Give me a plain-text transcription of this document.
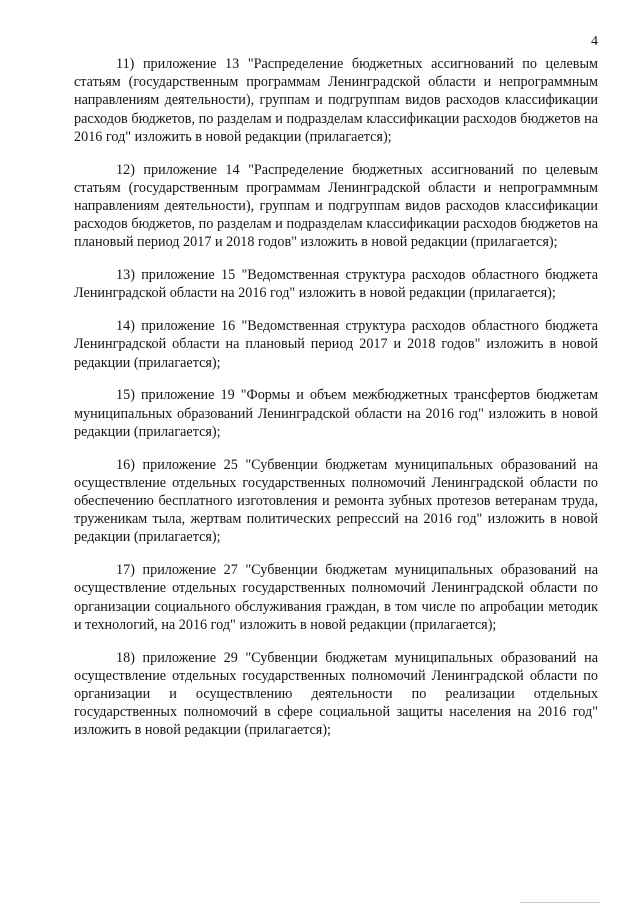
4

11) приложение 13 "Распределение бюджетных ассигнований по целевым статьям (государственным программам Ленинградской области и непрограммным направлениям деятельности), группам и подгруппам видов расходов классификации расходов бюджетов, по разделам и подразделам классификации расходов бюджетов на 2016 год" изложить в новой редакции (прилагается);

12) приложение 14 "Распределение бюджетных ассигнований по целевым статьям (государственным программам Ленинградской области и непрограммным направлениям деятельности), группам и подгруппам видов расходов классификации расходов бюджетов, по разделам и подразделам классификации расходов бюджетов на плановый период 2017 и 2018 годов" изложить в новой редакции (прилагается);

13) приложение 15 "Ведомственная структура расходов областного бюджета Ленинградской области на 2016 год" изложить в новой редакции (прилагается);

14) приложение 16 "Ведомственная структура расходов областного бюджета Ленинградской области на плановый период 2017 и 2018 годов" изложить в новой редакции (прилагается);

15) приложение 19 "Формы и объем межбюджетных трансфертов бюджетам муниципальных образований Ленинградской области на 2016 год" изложить в новой редакции (прилагается);

16) приложение 25 "Субвенции бюджетам муниципальных образований на осуществление отдельных государственных полномочий Ленинградской области по обеспечению бесплатного изготовления и ремонта зубных протезов ветеранам труда, труженикам тыла, жертвам политических репрессий на 2016 год" изложить в новой редакции (прилагается);

17) приложение 27 "Субвенции бюджетам муниципальных образований на осуществление отдельных государственных полномочий Ленинградской области по организации социального обслуживания граждан, в том числе по апробации методик и технологий, на 2016 год" изложить в новой редакции (прилагается);

18) приложение 29 "Субвенции бюджетам муниципальных образований на осуществление отдельных государственных полномочий Ленинградской области по организации и осуществлению деятельности по реализации отдельных государственных полномочий в сфере социальной защиты населения на 2016 год" изложить в новой редакции (прилагается);
